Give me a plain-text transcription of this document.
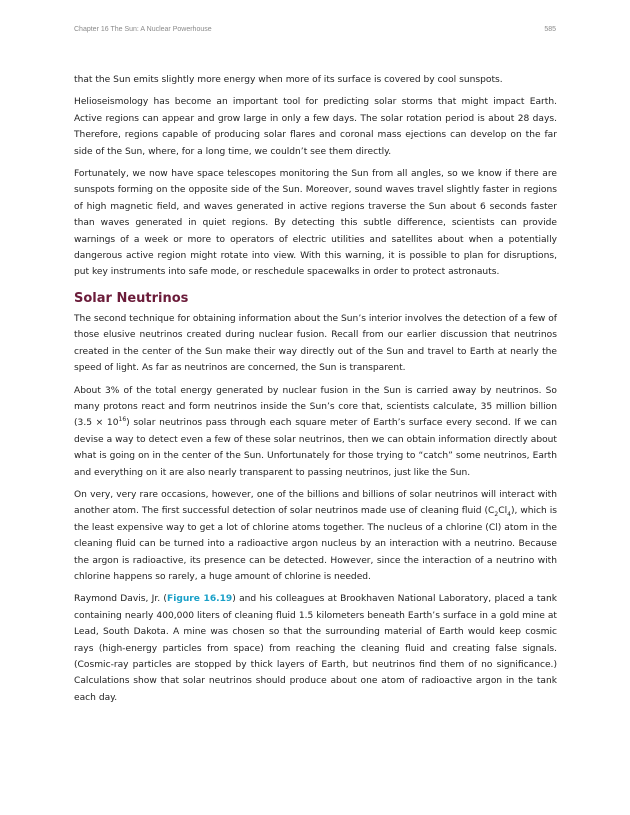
Chapter 16 The Sun: A Nuclear Powerhouse	585

that the Sun emits slightly more energy when more of its surface is covered by cool sunspots.

Helioseismology has become an important tool for predicting solar storms that might impact Earth. Active regions can appear and grow large in only a few days. The solar rotation period is about 28 days. Therefore, regions capable of producing solar flares and coronal mass ejections can develop on the far side of the Sun, where, for a long time, we couldn’t see them directly.

Fortunately, we now have space telescopes monitoring the Sun from all angles, so we know if there are sunspots forming on the opposite side of the Sun. Moreover, sound waves travel slightly faster in regions of high magnetic field, and waves generated in active regions traverse the Sun about 6 seconds faster than waves generated in quiet regions. By detecting this subtle difference, scientists can provide warnings of a week or more to operators of electric utilities and satellites about when a potentially dangerous active region might rotate into view. With this warning, it is possible to plan for disruptions, put key instruments into safe mode, or reschedule spacewalks in order to protect astronauts.

Solar Neutrinos

The second technique for obtaining information about the Sun’s interior involves the detection of a few of those elusive neutrinos created during nuclear fusion. Recall from our earlier discussion that neutrinos created in the center of the Sun make their way directly out of the Sun and travel to Earth at nearly the speed of light. As far as neutrinos are concerned, the Sun is transparent.

About 3% of the total energy generated by nuclear fusion in the Sun is carried away by neutrinos. So many protons react and form neutrinos inside the Sun’s core that, scientists calculate, 35 million billion $(3.5 \times 10^{16})$ solar neutrinos pass through each square meter of Earth’s surface every second. If we can devise a way to detect even a few of these solar neutrinos, then we can obtain information directly about what is going on in the center of the Sun. Unfortunately for those trying to “catch” some neutrinos, Earth and everything on it are also nearly transparent to passing neutrinos, just like the Sun.

On very, very rare occasions, however, one of the billions and billions of solar neutrinos will interact with another atom. The first successful detection of solar neutrinos made use of cleaning fluid $(C_2Cl_4)$, which is the least expensive way to get a lot of chlorine atoms together. The nucleus of a chlorine (Cl) atom in the cleaning fluid can be turned into a radioactive argon nucleus by an interaction with a neutrino. Because the argon is radioactive, its presence can be detected. However, since the interaction of a neutrino with chlorine happens so rarely, a huge amount of chlorine is needed.

Raymond Davis, Jr. (Figure 16.19) and his colleagues at Brookhaven National Laboratory, placed a tank containing nearly 400,000 liters of cleaning fluid 1.5 kilometers beneath Earth’s surface in a gold mine at Lead, South Dakota. A mine was chosen so that the surrounding material of Earth would keep cosmic rays (high-energy particles from space) from reaching the cleaning fluid and creating false signals. (Cosmic-ray particles are stopped by thick layers of Earth, but neutrinos find them of no significance.) Calculations show that solar neutrinos should produce about one atom of radioactive argon in the tank each day.
